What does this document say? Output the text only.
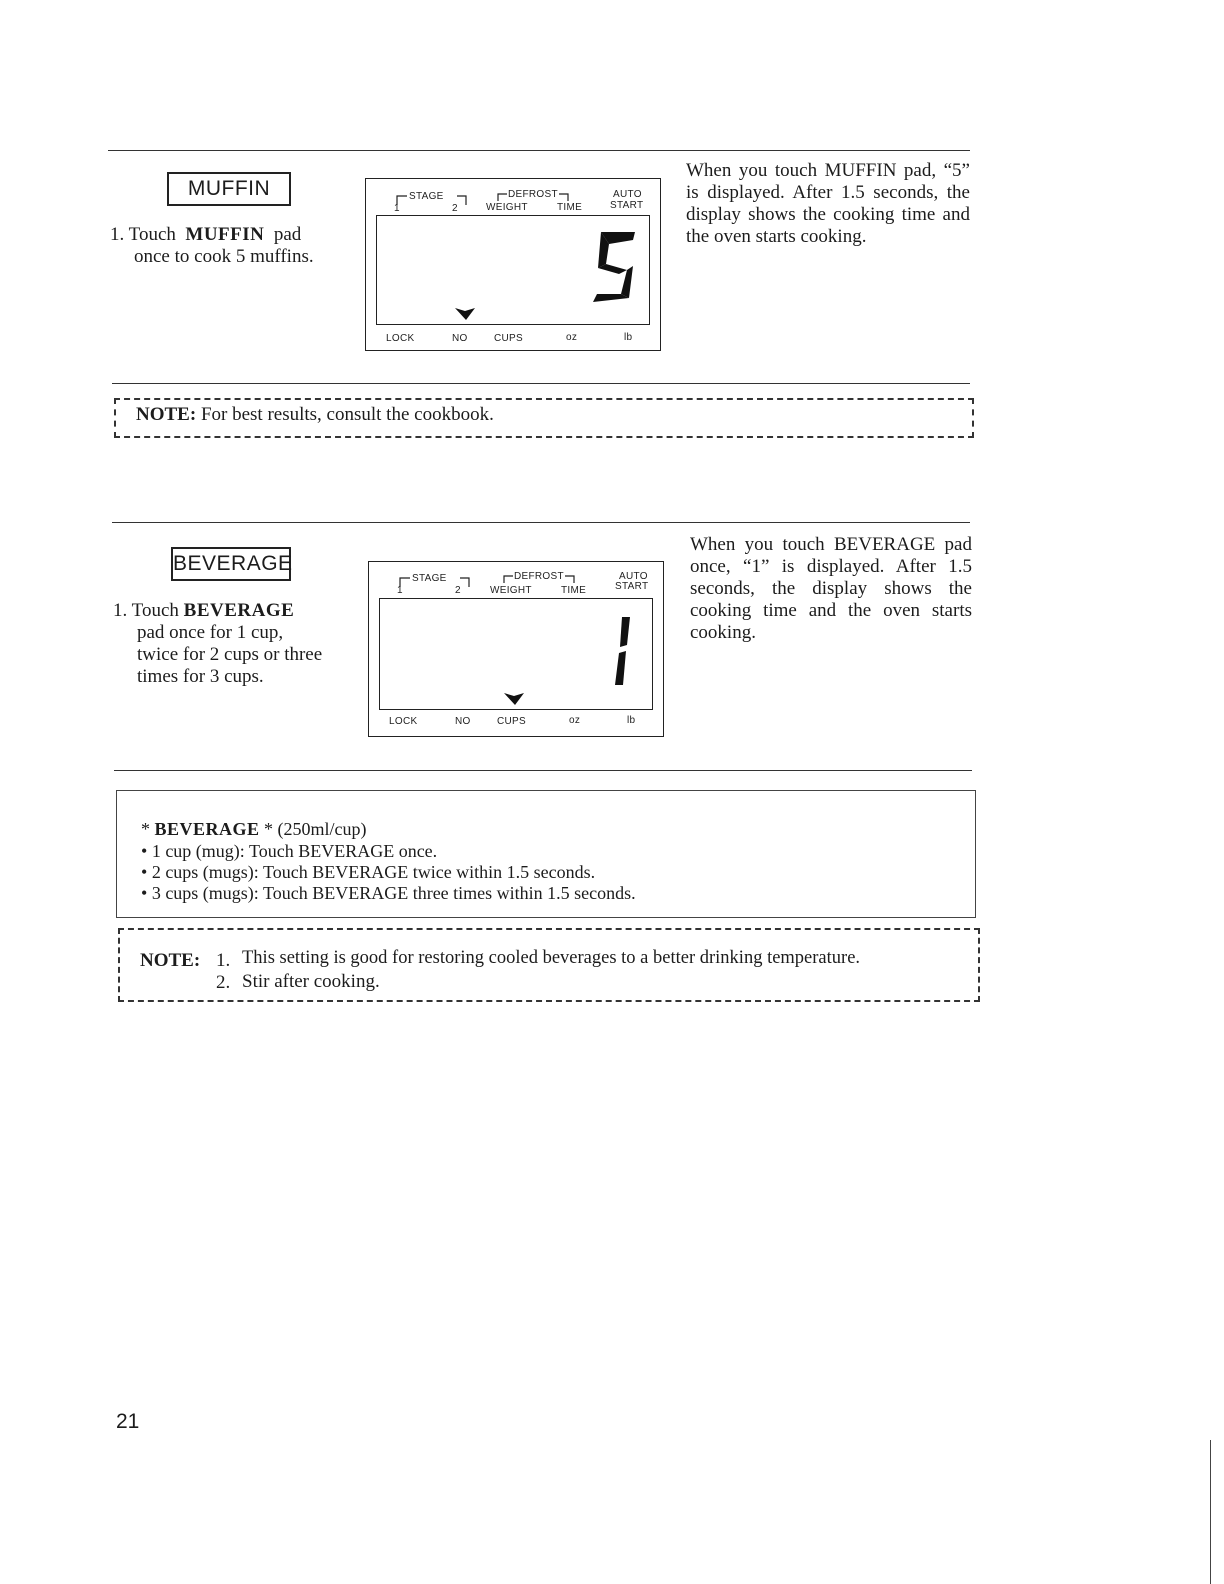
MUFFIN
1. Touch MUFFIN pad
once to cook 5 muffins.
STAGE
1	2
DEFROST
WEIGHT	TIME
AUTO
START
LOCK	NO	CUPS	oz	lb
When you touch MUFFIN pad, “5” is displayed. After 1.5 seconds, the display shows the cooking time and the oven starts cooking.
NOTE: For best results, consult the cookbook.
BEVERAGE
1. Touch BEVERAGE
pad once for 1 cup,
twice for 2 cups or three
times for 3 cups.
STAGE
1	2
DEFROST
WEIGHT	TIME
AUTO
START
LOCK	NO	CUPS	oz	lb
When you touch BEVERAGE pad once, “1” is displayed. After 1.5 seconds, the display shows the cooking time and the oven starts cooking.
* BEVERAGE * (250ml/cup)
• 1 cup (mug): Touch BEVERAGE once.
• 2 cups (mugs): Touch BEVERAGE twice within 1.5 seconds.
• 3 cups (mugs): Touch BEVERAGE three times within 1.5 seconds.
NOTE: 1. This setting is good for restoring cooled beverages to a better drinking temperature.
2. Stir after cooking.
21
